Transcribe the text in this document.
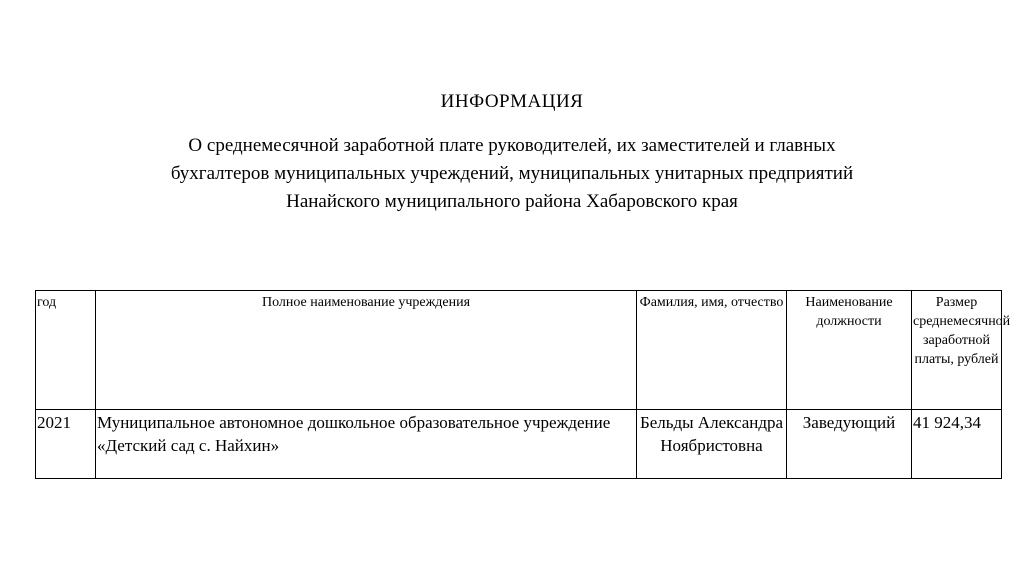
ИНФОРМАЦИЯ
О среднемесячной заработной плате руководителей, их заместителей и главных
бухгалтеров муниципальных учреждений, муниципальных унитарных предприятий
Нанайского муниципального района Хабаровского края
год	Полное наименование учреждения	Фамилия, имя, отчество	Наименование должности	Размер среднемесячной заработной платы, рублей
2021	Муниципальное автономное дошкольное образовательное учреждение «Детский сад с. Найхин»	Бельды Александра Ноябристовна	Заведующий	41 924,34
